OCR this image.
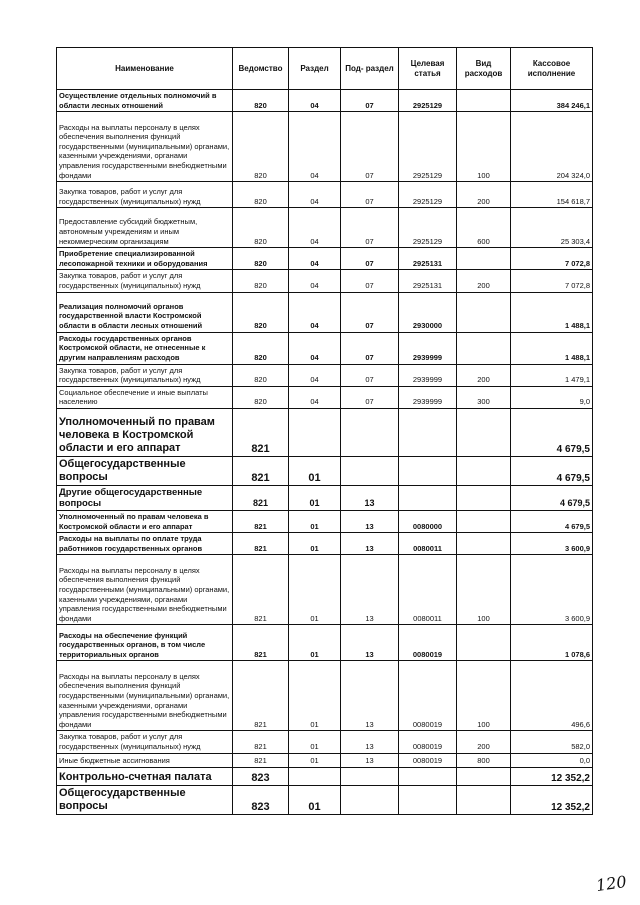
Наименование	Ведомство	Раздел	Под- раздел	Целевая статья	Вид расходов	Кассовое исполнение
Осуществление отдельных полномочий в области лесных отношений	820	04	07	2925129		384 246,1
Расходы на выплаты персоналу в целях обеспечения выполнения функций государственными (муниципальными) органами, казенными учреждениями, органами управления государственными внебюджетными фондами	820	04	07	2925129	100	204 324,0
Закупка товаров, работ и услуг для государственных (муниципальных) нужд	820	04	07	2925129	200	154 618,7
Предоставление субсидий бюджетным, автономным учреждениям и иным некоммерческим организациям	820	04	07	2925129	600	25 303,4
Приобретение специализированной лесопожарной техники и оборудования	820	04	07	2925131		7 072,8
Закупка товаров, работ и услуг для государственных (муниципальных) нужд	820	04	07	2925131	200	7 072,8
Реализация полномочий органов государственной власти Костромской области в области лесных отношений	820	04	07	2930000		1 488,1
Расходы государственных органов Костромской области, не отнесенные к другим направлениям расходов	820	04	07	2939999		1 488,1
Закупка товаров, работ и услуг для государственных (муниципальных) нужд	820	04	07	2939999	200	1 479,1
Социальное обеспечение и иные выплаты населению	820	04	07	2939999	300	9,0
Уполномоченный по правам человека в Костромской области и его аппарат	821					4 679,5
Общегосударственные вопросы	821	01				4 679,5
Другие общегосударственные вопросы	821	01	13			4 679,5
Уполномоченный по правам человека в Костромской области и его аппарат	821	01	13	0080000		4 679,5
Расходы на выплаты по оплате труда работников государственных органов	821	01	13	0080011		3 600,9
Расходы на выплаты персоналу в целях обеспечения выполнения функций государственными (муниципальными) органами, казенными учреждениями, органами управления государственными внебюджетными фондами	821	01	13	0080011	100	3 600,9
Расходы на обеспечение функций государственных органов, в том числе территориальных органов	821	01	13	0080019		1 078,6
Расходы на выплаты персоналу в целях обеспечения выполнения функций государственными (муниципальными) органами, казенными учреждениями, органами управления государственными внебюджетными фондами	821	01	13	0080019	100	496,6
Закупка товаров, работ и услуг для государственных (муниципальных) нужд	821	01	13	0080019	200	582,0
Иные бюджетные ассигнования	821	01	13	0080019	800	0,0
Контрольно-счетная палата	823					12 352,2
Общегосударственные вопросы	823	01				12 352,2
120
